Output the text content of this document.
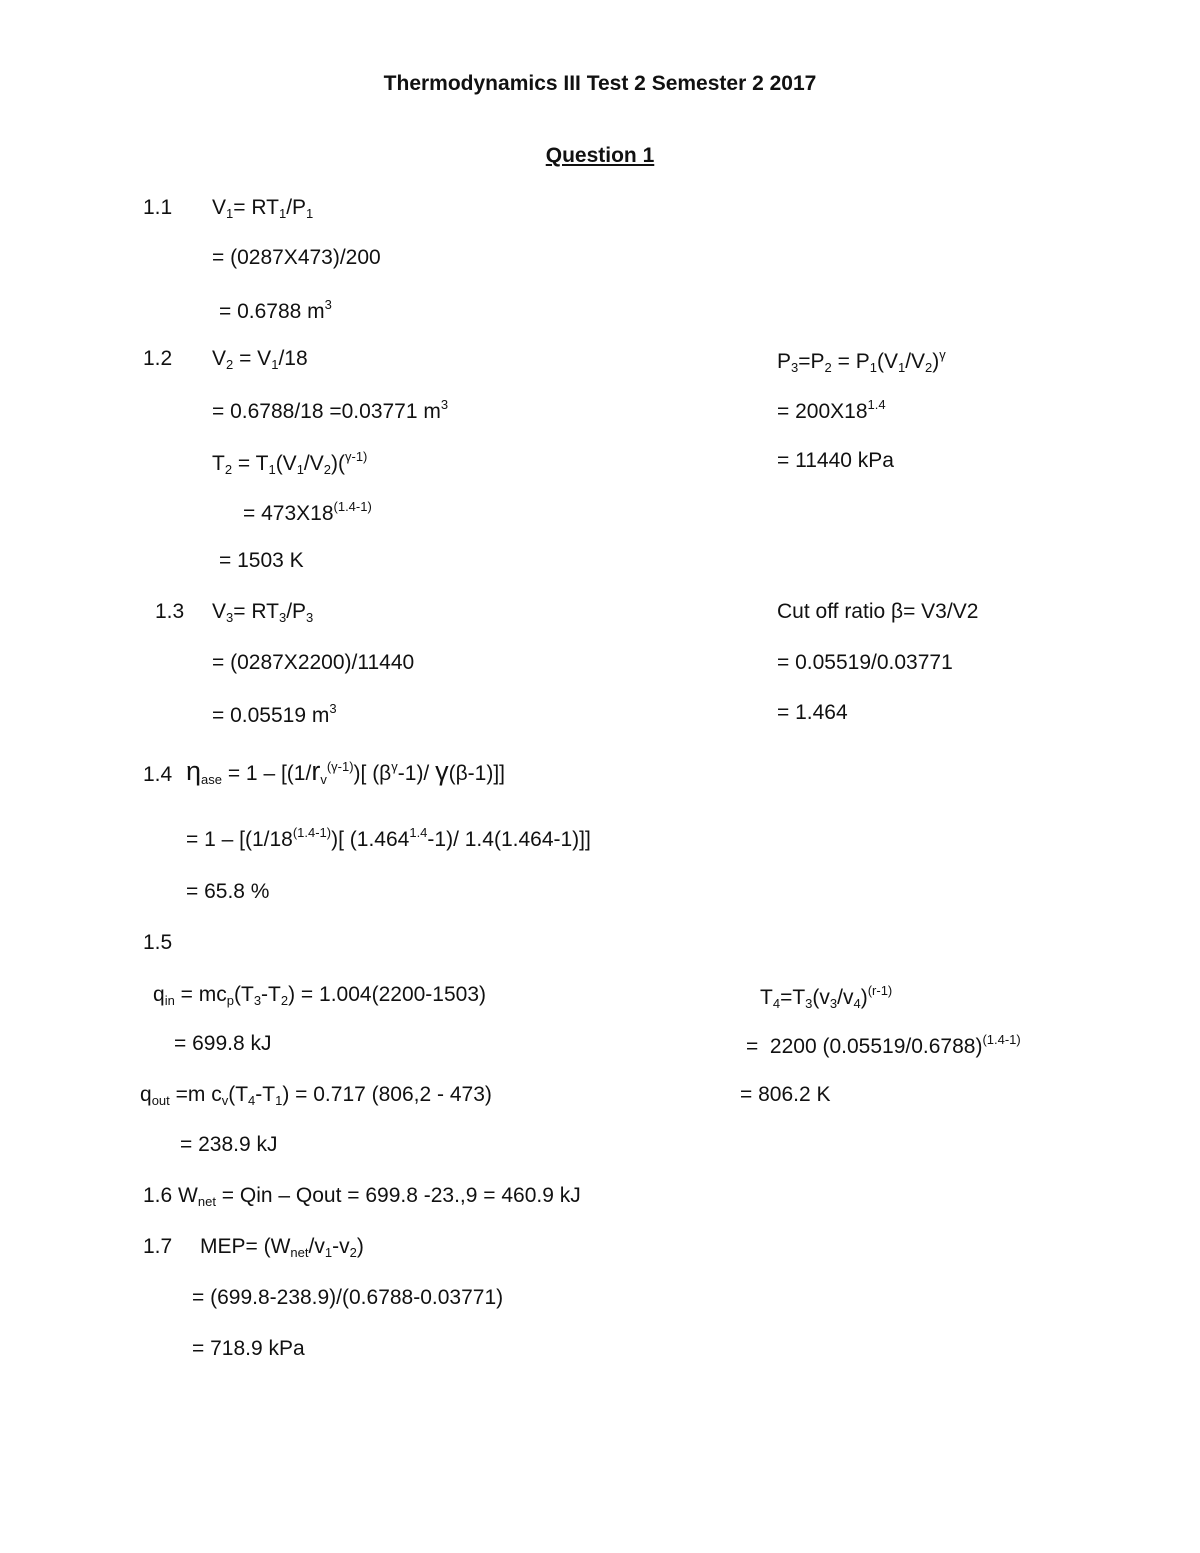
Thermodynamics III Test 2 Semester 2 2017
Question 1
1.1 $V_1= RT_1/P_1$
= (0287X473)/200
= 0.6788 $m^3$
1.2 $V_2 = V_1/18$
= 0.6788/18 =0.03771 $m^3$
$T_2 = T_1(V_1/V_2)(^{\gamma-1)}$
= $473X18^{(1.4-1)}$
= 1503 K
$P_3=P_2 = P_1(V_1/V_2)^\gamma$
= $200X18^{1.4}$
= 11440 kPa
1.3 $V_3= RT_3/P_3$
= (0287X2200)/11440
= 0.05519 $m^3$
Cut off ratio β= V3/V2
= 0.05519/0.03771
= 1.464
1.4 $\eta_{ase} = 1 - [(1/r_v^{(\gamma-1)})$[ $(\beta^\gamma-1)/$ γ(β-1)]]
= $1 - [(1/18^{(1.4-1)})$[ $(1.464^{1.4}-1)/$ 1.4(1.464-1)]]
= 65.8 %
1.5
$q_{in} = mc_p(T_3-T_2) = 1.004(2200-1503)$
= 699.8 kJ
$q_{out} =m$ $c_v(T_4-T_1) = 0.717$ (806,2 - 473)
= 238.9 kJ
$T_4=T_3(v_3/v_4)^{(r-1)}$
=  2200 $(0.05519/0.6788)^{(1.4-1)}$
= 806.2 K
1.6 $W_{net}$ = Qin – Qout = 699.8 -23.,9 = 460.9 kJ
1.7 $MEP= (W_{net}/v_1-v_2)$
= (699.8-238.9)/(0.6788-0.03771)
= 718.9 kPa
